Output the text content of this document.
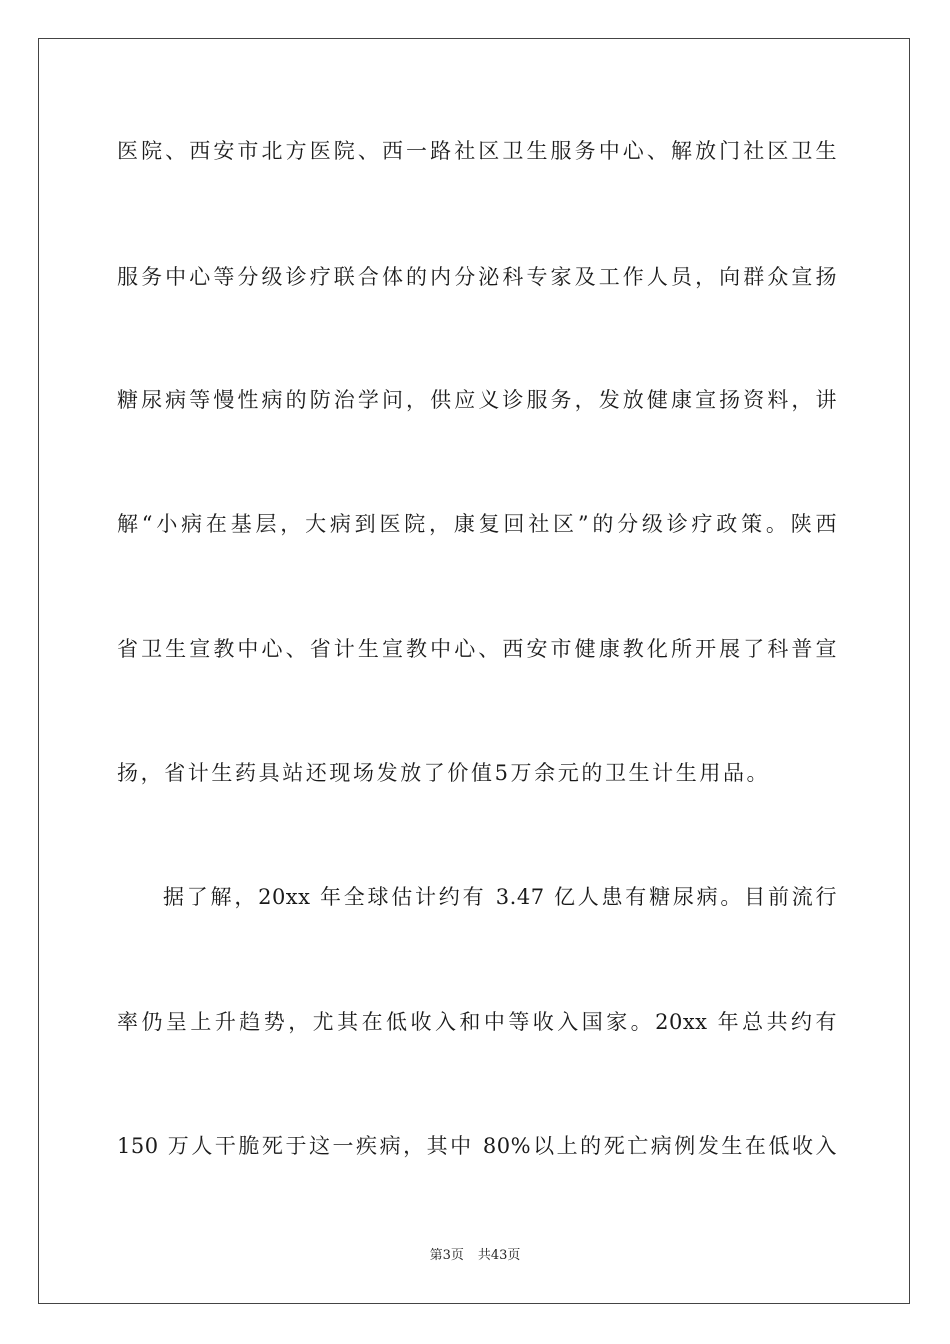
医院、西安市北方医院、西一路社区卫生服务中心、解放门社区卫生
服务中心等分级诊疗联合体的内分泌科专家及工作人员，向群众宣扬
糖尿病等慢性病的防治学问，供应义诊服务，发放健康宣扬资料，讲
解“小病在基层，大病到医院，康复回社区”的分级诊疗政策。陕西
省卫生宣教中心、省计生宣教中心、西安市健康教化所开展了科普宣
扬，省计生药具站还现场发放了价值5万余元的卫生计生用品。
据了解，20xx 年全球估计约有 3.47 亿人患有糖尿病。目前流行
率仍呈上升趋势，尤其在低收入和中等收入国家。20xx 年总共约有
150 万人干脆死于这一疾病，其中 80%以上的死亡病例发生在低收入
第3页 共43页
